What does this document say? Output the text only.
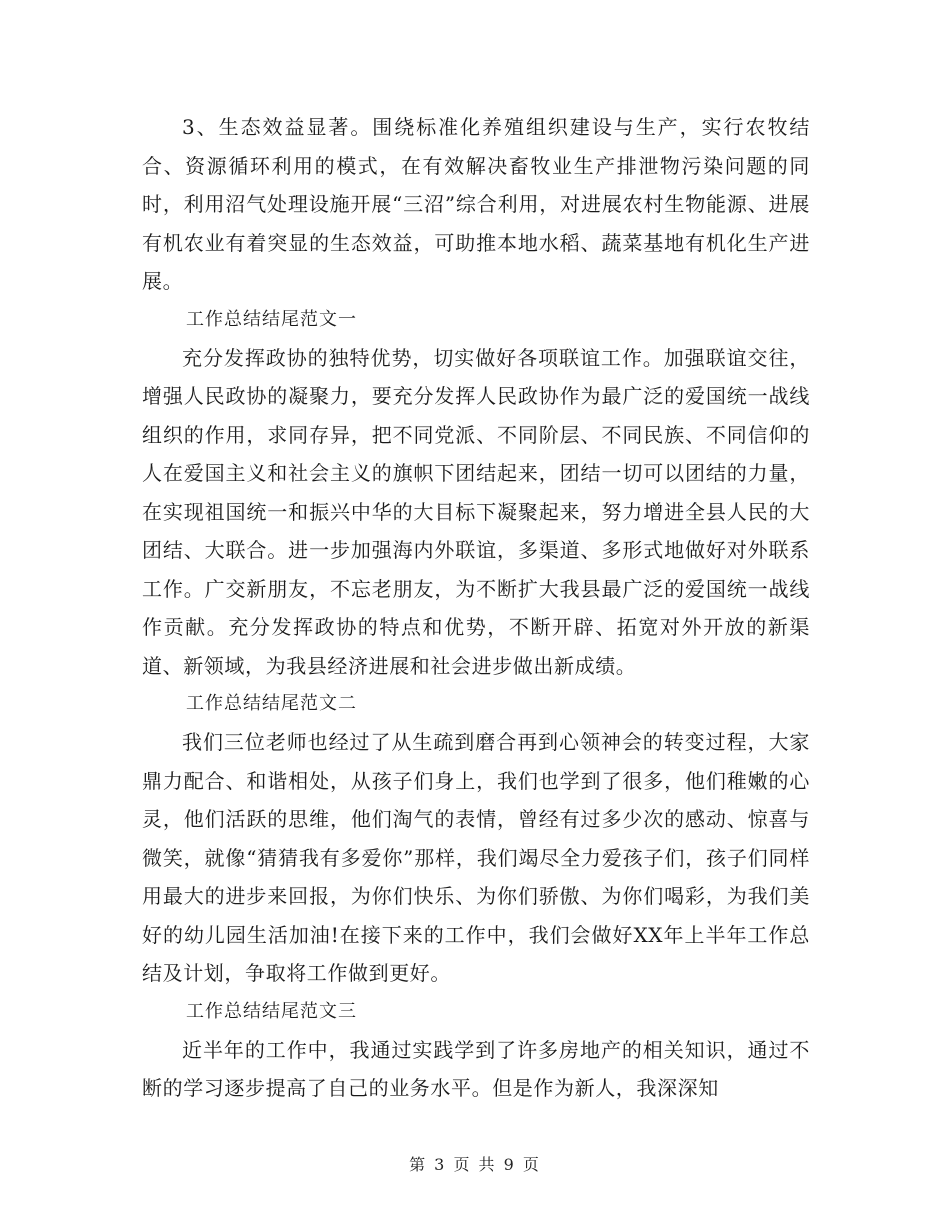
3、生态效益显著。围绕标准化养殖组织建设与生产，实行农牧结合、资源循环利用的模式，在有效解决畜牧业生产排泄物污染问题的同时，利用沼气处理设施开展“三沼”综合利用，对进展农村生物能源、进展有机农业有着突显的生态效益，可助推本地水稻、蔬菜基地有机化生产进展。

工作总结结尾范文一

充分发挥政协的独特优势，切实做好各项联谊工作。加强联谊交往，增强人民政协的凝聚力，要充分发挥人民政协作为最广泛的爱国统一战线组织的作用，求同存异，把不同党派、不同阶层、不同民族、不同信仰的人在爱国主义和社会主义的旗帜下团结起来，团结一切可以团结的力量，在实现祖国统一和振兴中华的大目标下凝聚起来，努力增进全县人民的大团结、大联合。进一步加强海内外联谊，多渠道、多形式地做好对外联系工作。广交新朋友，不忘老朋友，为不断扩大我县最广泛的爱国统一战线作贡献。充分发挥政协的特点和优势，不断开辟、拓宽对外开放的新渠道、新领域，为我县经济进展和社会进步做出新成绩。

工作总结结尾范文二

我们三位老师也经过了从生疏到磨合再到心领神会的转变过程，大家鼎力配合、和谐相处，从孩子们身上，我们也学到了很多，他们稚嫩的心灵，他们活跃的思维，他们淘气的表情，曾经有过多少次的感动、惊喜与微笑，就像“猜猜我有多爱你”那样，我们竭尽全力爱孩子们，孩子们同样用最大的进步来回报，为你们快乐、为你们骄傲、为你们喝彩，为我们美好的幼儿园生活加油!在接下来的工作中，我们会做好XX年上半年工作总结及计划，争取将工作做到更好。

工作总结结尾范文三

近半年的工作中，我通过实践学到了许多房地产的相关知识，通过不断的学习逐步提高了自己的业务水平。但是作为新人，我深深知

第 3 页 共 9 页
